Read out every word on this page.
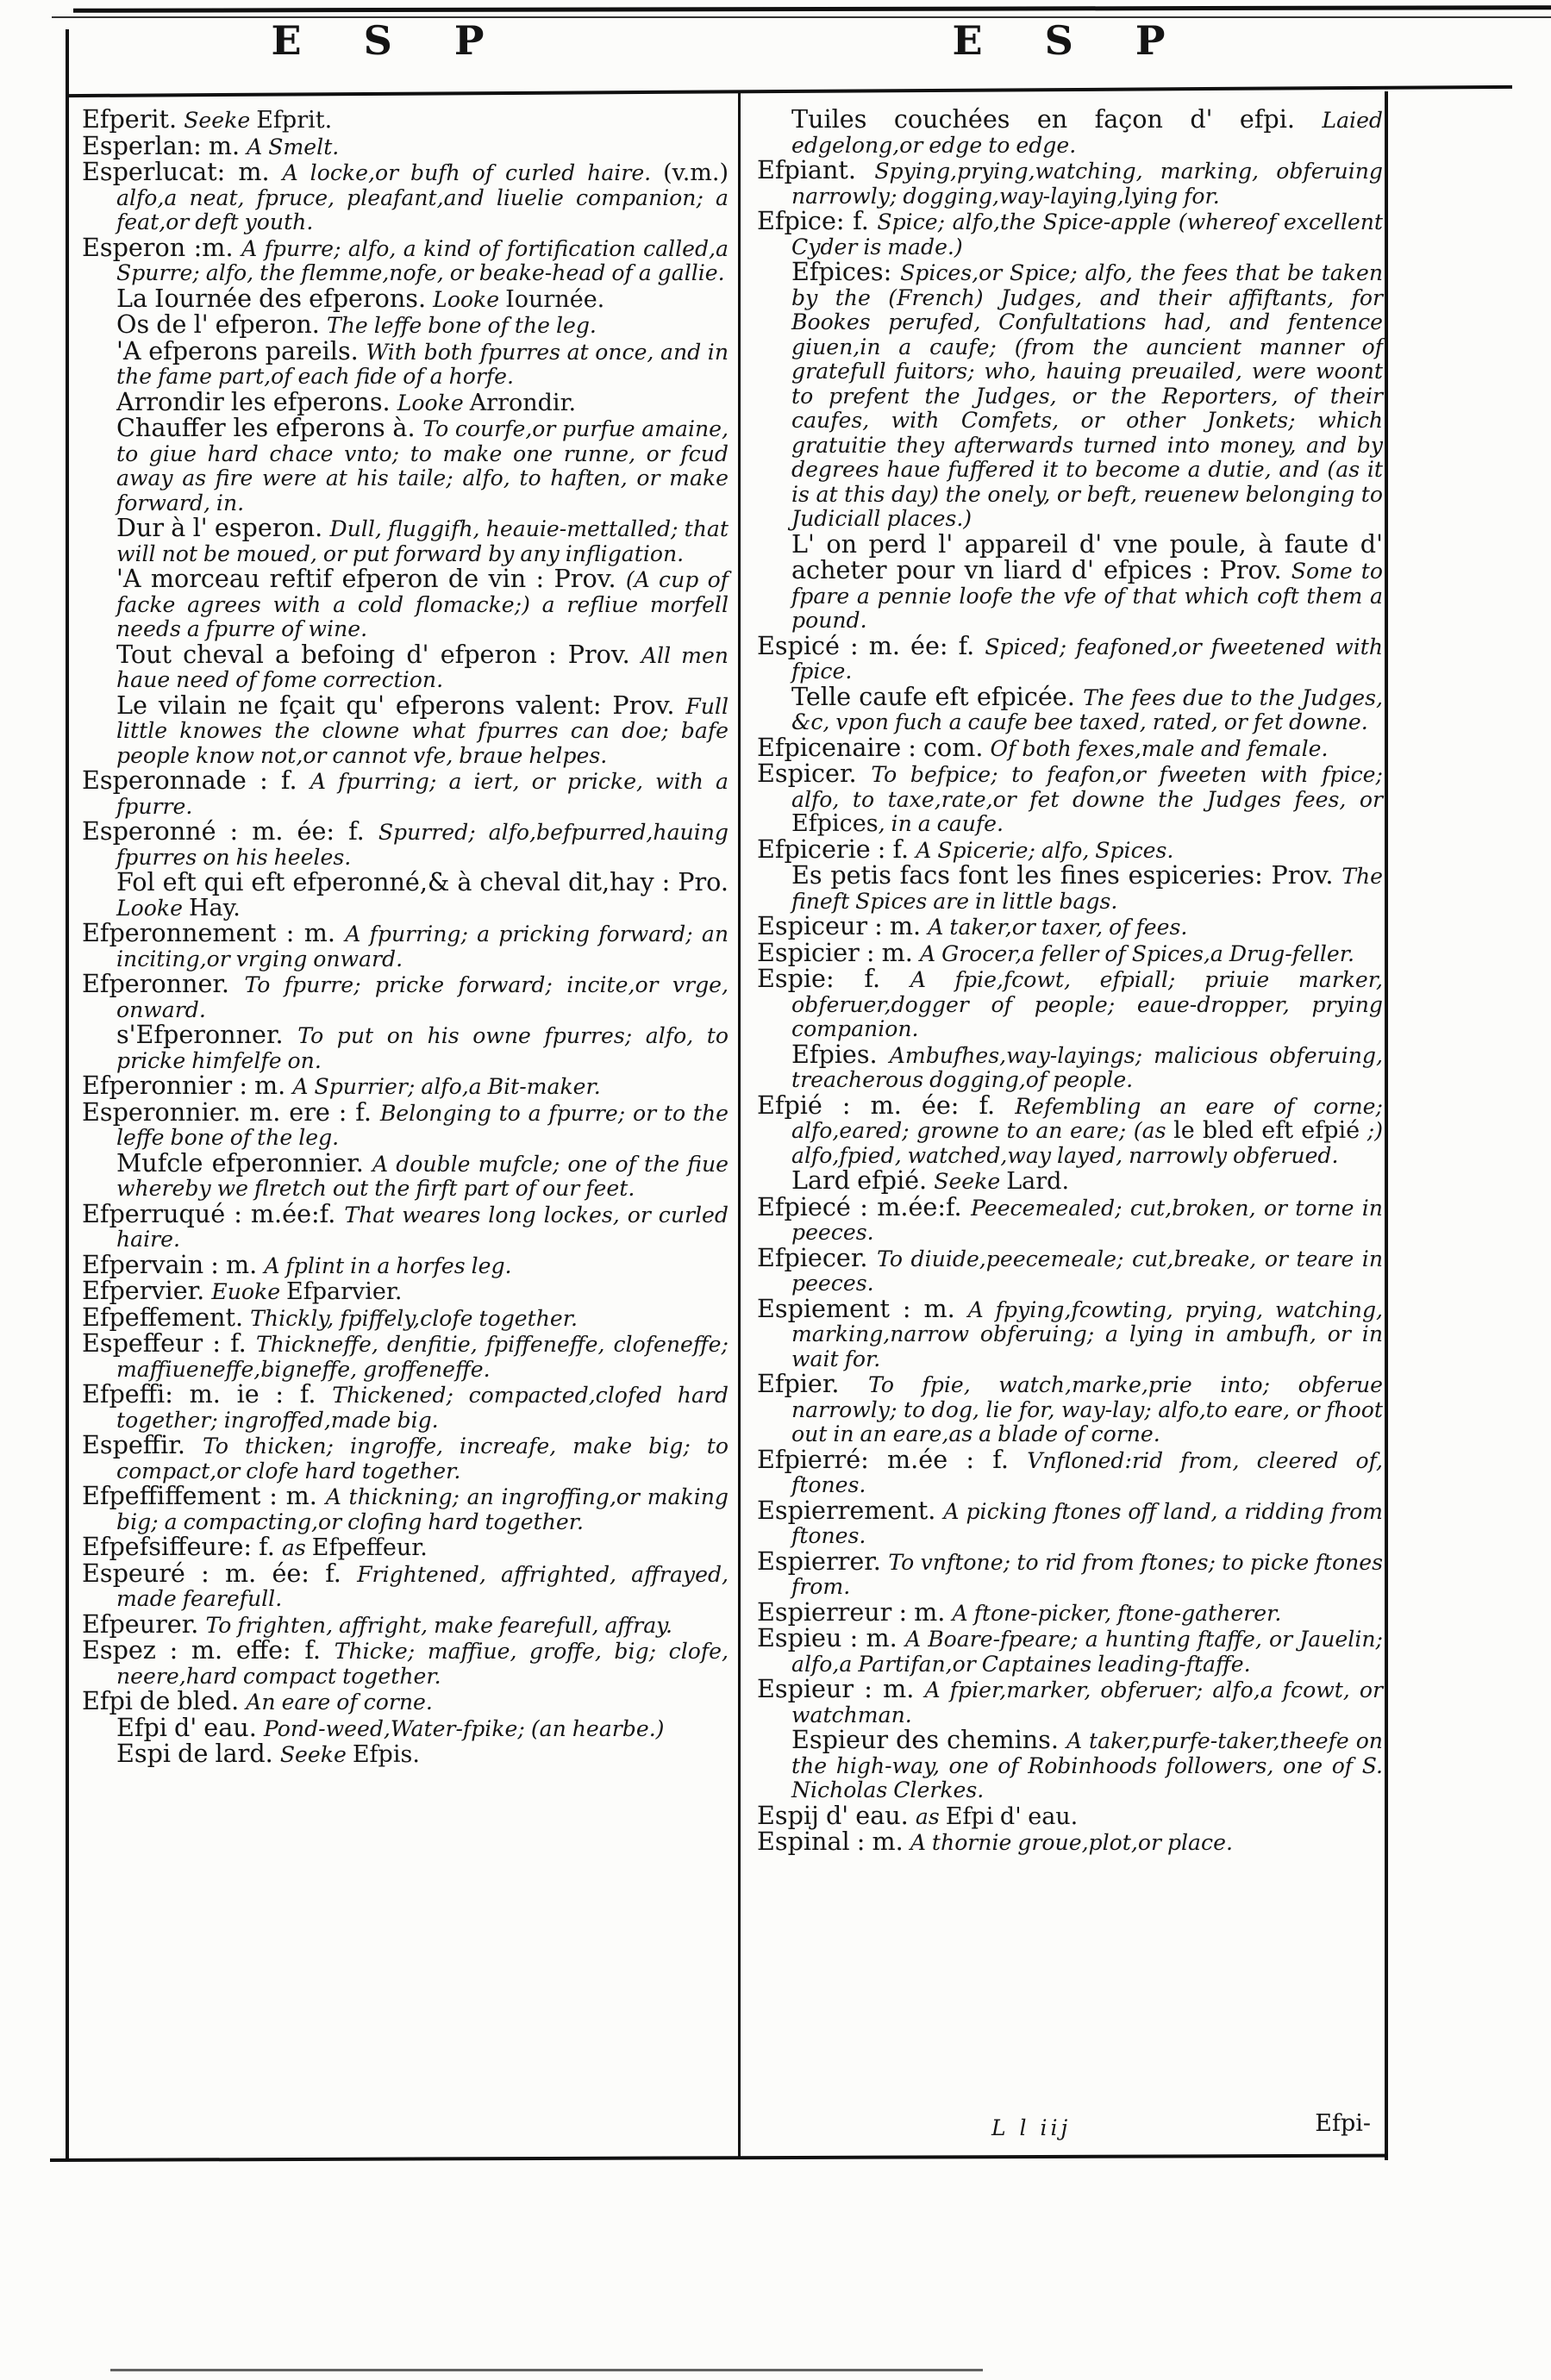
E S P	E S P

Efperit. Seeke Efprit.

Esperlan: m. A Smelt.

Esperlucat: m. A locke,or bufh of curled haire. (v.m.) alfo,a neat, fpruce, pleafant,and liuelie companion; a feat,or deft youth.

Esperon :m. A fpurre; alfo, a kind of fortification called,a Spurre; alfo, the flemme,nofe, or beake-head of a gallie.

La Iournée des efperons. Looke Iournée.

Os de l' efperon. The leffe bone of the leg.

'A efperons pareils. With both fpurres at once, and in the fame part,of each fide of a horfe.

Arrondir les efperons. Looke Arrondir.

Chauffer les efperons à. To courfe,or purfue amaine, to giue hard chace vnto; to make one runne, or fcud away as fire were at his taile; alfo, to haften, or make forward, in.

Dur à l' esperon. Dull, fluggifh, heauie-mettalled; that will not be moued, or put forward by any infligation.

'A morceau reftif efperon de vin : Prov. (A cup of facke agrees with a cold flomacke;) a refliue morfell needs a fpurre of wine.

Tout cheval a befoing d' efperon : Prov. All men haue need of fome correction.

Le vilain ne fçait qu' efperons valent: Prov. Full little knowes the clowne what fpurres can doe; bafe people know not,or cannot vfe, braue helpes.

Esperonnade : f. A fpurring; a iert, or pricke, with a fpurre.

Esperonné : m. ée: f. Spurred; alfo,befpurred,hauing fpurres on his heeles.

Fol eft qui eft efperonné,& à cheval dit,hay : Pro. Looke Hay.

Efperonnement : m. A fpurring; a pricking forward; an inciting,or vrging onward.

Efperonner. To fpurre; pricke forward; incite,or vrge, onward.

s'Efperonner. To put on his owne fpurres; alfo, to pricke himfelfe on.

Efperonnier : m. A Spurrier; alfo,a Bit-maker.

Esperonnier. m. ere : f. Belonging to a fpurre; or to the leffe bone of the leg.

Mufcle efperonnier. A double mufcle; one of the fiue whereby we flretch out the firft part of our feet.

Efperruqué : m.ée:f. That weares long lockes, or curled haire.

Efpervain : m. A fplint in a horfes leg.

Efpervier. Euoke Efparvier.

Efpeffement. Thickly, fpiffely,clofe together.

Espeffeur : f. Thickneffe, denfitie, fpiffeneffe, clofeneffe; maffiueneffe,bigneffe, groffeneffe.

Efpeffi: m. ie : f. Thickened; compacted,clofed hard together; ingroffed,made big.

Espeffir. To thicken; ingroffe, increafe, make big; to compact,or clofe hard together.

Efpeffiffement : m. A thickning; an ingroffing,or making big; a compacting,or clofing hard together.

Efpefsiffeure: f. as Efpeffeur.

Espeuré : m. ée: f. Frightened, affrighted, affrayed, made fearefull.

Efpeurer. To frighten, affright, make fearefull, affray.

Espez : m. effe: f. Thicke; maffiue, groffe, big; clofe, neere,hard compact together.

Efpi de bled. An eare of corne.

Efpi d' eau. Pond-weed,Water-fpike; (an hearbe.)

Espi de lard. Seeke Efpis.

Tuiles couchées en façon d' efpi. Laied edgelong,or edge to edge.

Efpiant. Spying,prying,watching, marking, obferuing narrowly; dogging,way-laying,lying for.

Efpice: f. Spice; alfo,the Spice-apple (whereof excellent Cyder is made.)

Efpices: Spices,or Spice; alfo, the fees that be taken by the (French) Judges, and their affiftants, for Bookes perufed, Confultations had, and fentence giuen,in a caufe; (from the auncient manner of gratefull fuitors; who, hauing preuailed, were woont to prefent the Judges, or the Reporters, of their caufes, with Comfets, or other Jonkets; which gratuitie they afterwards turned into money, and by degrees haue fuffered it to become a dutie, and (as it is at this day) the onely, or beft, reuenew belonging to Judiciall places.)

L' on perd l' appareil d' vne poule, à faute d' acheter pour vn liard d' efpices : Prov. Some to fpare a pennie loofe the vfe of that which coft them a pound.

Espicé : m. ée: f. Spiced; feafoned,or fweetened with fpice.

Telle caufe eft efpicée. The fees due to the Judges, &c, vpon fuch a caufe bee taxed, rated, or fet downe.

Efpicenaire : com. Of both fexes,male and female.

Espicer. To befpice; to feafon,or fweeten with fpice; alfo, to taxe,rate,or fet downe the Judges fees, or Efpices, in a caufe.

Efpicerie : f. A Spicerie; alfo, Spices.

Es petis facs font les fines espiceries: Prov. The fineft Spices are in little bags.

Espiceur : m. A taker,or taxer, of fees.

Espicier : m. A Grocer,a feller of Spices,a Drug-feller.

Espie: f. A fpie,fcowt, efpiall; priuie marker, obferuer,dogger of people; eaue-dropper, prying companion.

Efpies. Ambufhes,way-layings; malicious obferuing, treacherous dogging,of people.

Efpié : m. ée: f. Refembling an eare of corne; alfo,eared; growne to an eare; (as le bled eft efpié ;) alfo,fpied, watched,way layed, narrowly obferued.

Lard efpié. Seeke Lard.

Efpiecé : m.ée:f. Peecemealed; cut,broken, or torne in peeces.

Efpiecer. To diuide,peecemeale; cut,breake, or teare in peeces.

Espiement : m. A fpying,fcowting, prying, watching, marking,narrow obferuing; a lying in ambufh, or in wait for.

Efpier. To fpie, watch,marke,prie into; obferue narrowly; to dog, lie for, way-lay; alfo,to eare, or fhoot out in an eare,as a blade of corne.

Efpierré: m.ée : f. Vnfloned:rid from, cleered of, ftones.

Espierrement. A picking ftones off land, a ridding from ftones.

Espierrer. To vnftone; to rid from ftones; to picke ftones from.

Espierreur : m. A ftone-picker, ftone-gatherer.

Espieu : m. A Boare-fpeare; a hunting ftaffe, or Jauelin; alfo,a Partifan,or Captaines leading-ftaffe.

Espieur : m. A fpier,marker, obferuer; alfo,a fcowt, or watchman.

Espieur des chemins. A taker,purfe-taker,theefe on the high-way, one of Robinhoods followers, one of S. Nicholas Clerkes.

Espij d' eau. as Efpi d' eau.

Espinal : m. A thornie groue,plot,or place.

L l iij	Efpi-
